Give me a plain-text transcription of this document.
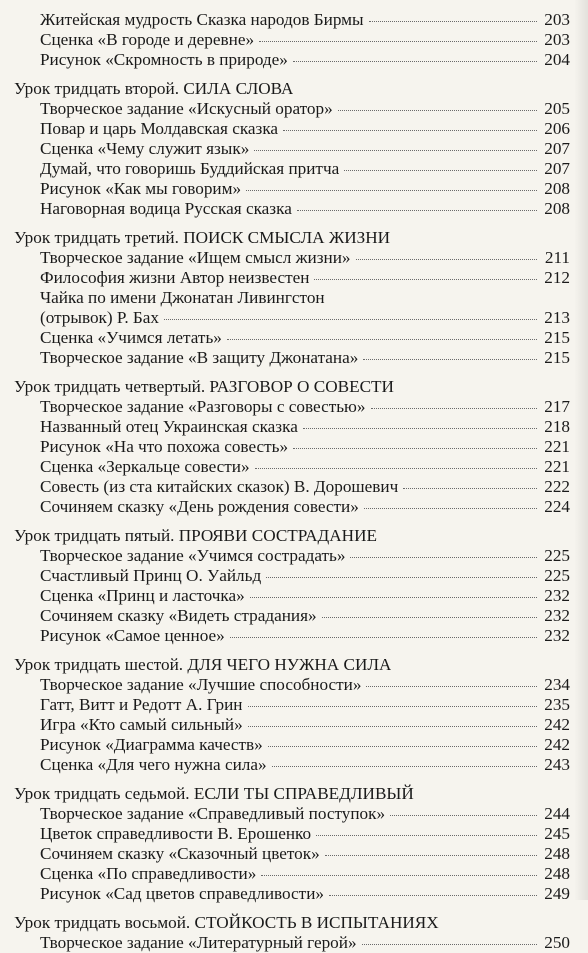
Житейская мудрость Сказка народов Бирмы	203
Сценка «В городе и деревне»	203
Рисунок «Скромность в природе»	204
Урок тридцать второй. СИЛА СЛОВА
Творческое задание «Искусный оратор»	205
Повар и царь Молдавская сказка	206
Сценка «Чему служит язык»	207
Думай, что говоришь Буддийская притча	207
Рисунок «Как мы говорим»	208
Наговорная водица Русская сказка	208
Урок тридцать третий. ПОИСК СМЫСЛА ЖИЗНИ
Творческое задание «Ищем смысл жизни»	211
Философия жизни Автор неизвестен	212
Чайка по имени Джонатан Ливингстон
(отрывок) Р. Бах	213
Сценка «Учимся летать»	215
Творческое задание «В защиту Джонатана»	215
Урок тридцать четвертый. РАЗГОВОР О СОВЕСТИ
Творческое задание «Разговоры с совестью»	217
Названный отец Украинская сказка	218
Рисунок «На что похожа совесть»	221
Сценка «Зеркальце совести»	221
Совесть (из ста китайских сказок) В. Дорошевич	222
Сочиняем сказку «День рождения совести»	224
Урок тридцать пятый. ПРОЯВИ СОСТРАДАНИЕ
Творческое задание «Учимся сострадать»	225
Счастливый Принц О. Уайльд	225
Сценка «Принц и ласточка»	232
Сочиняем сказку «Видеть страдания»	232
Рисунок «Самое ценное»	232
Урок тридцать шестой. ДЛЯ ЧЕГО НУЖНА СИЛА
Творческое задание «Лучшие способности»	234
Гатт, Витт и Редотт А. Грин	235
Игра «Кто самый сильный»	242
Рисунок «Диаграмма качеств»	242
Сценка «Для чего нужна сила»	243
Урок тридцать седьмой. ЕСЛИ ТЫ СПРАВЕДЛИВЫЙ
Творческое задание «Справедливый поступок»	244
Цветок справедливости В. Ерошенко	245
Сочиняем сказку «Сказочный цветок»	248
Сценка «По справедливости»	248
Рисунок «Сад цветов справедливости»	249
Урок тридцать восьмой. СТОЙКОСТЬ В ИСПЫТАНИЯХ
Творческое задание «Литературный герой»	250
